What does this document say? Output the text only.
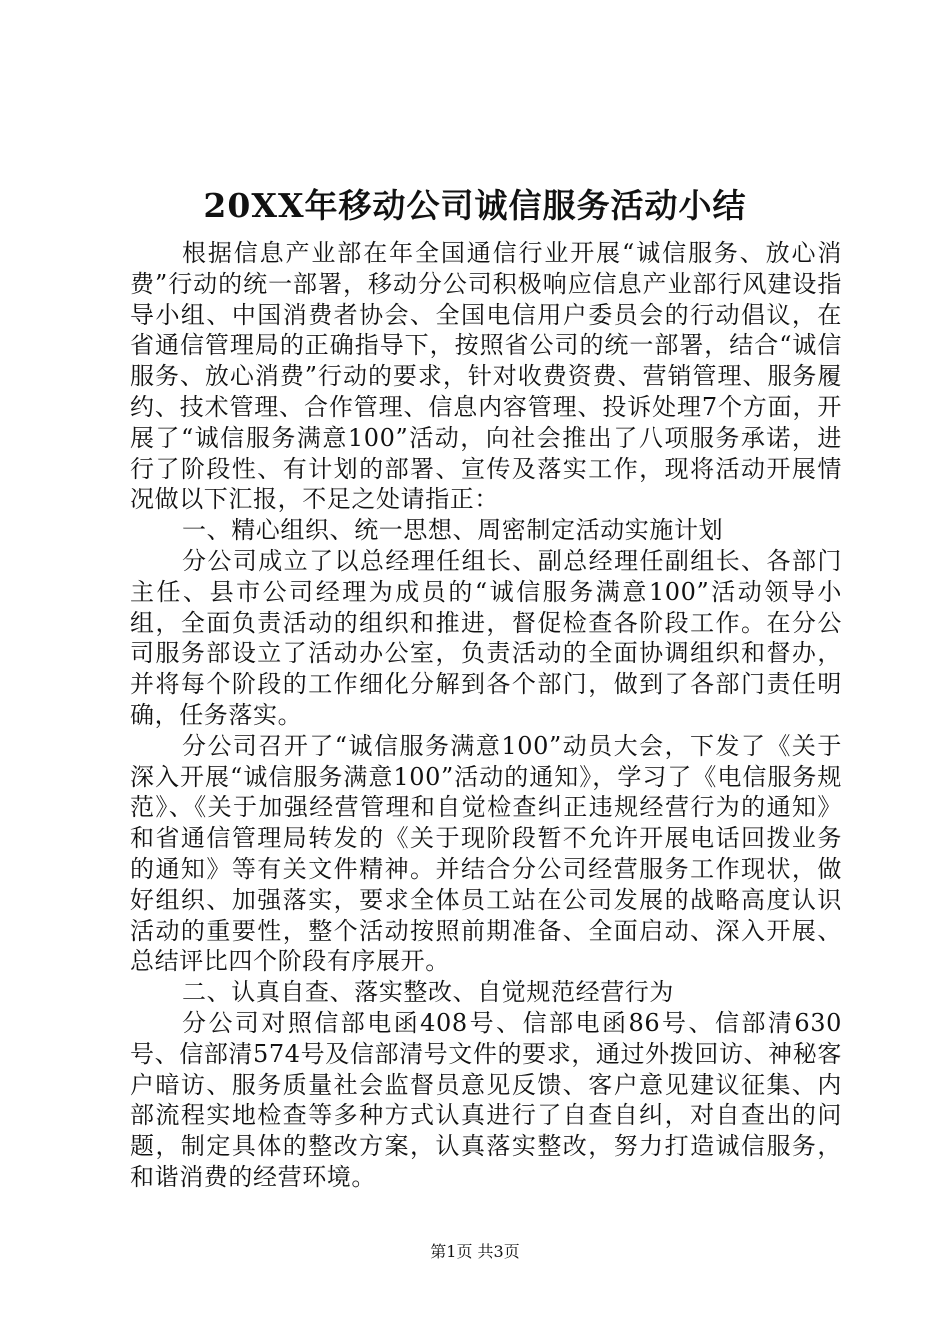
20XX年移动公司诚信服务活动小结

根据信息产业部在年全国通信行业开展“诚信服务、放心消费”行动的统一部署，移动分公司积极响应信息产业部行风建设指导小组、中国消费者协会、全国电信用户委员会的行动倡议，在省通信管理局的正确指导下，按照省公司的统一部署，结合“诚信服务、放心消费”行动的要求，针对收费资费、营销管理、服务履约、技术管理、合作管理、信息内容管理、投诉处理7个方面，开展了“诚信服务满意100”活动，向社会推出了八项服务承诺，进行了阶段性、有计划的部署、宣传及落实工作，现将活动开展情况做以下汇报，不足之处请指正：

一、精心组织、统一思想、周密制定活动实施计划

分公司成立了以总经理任组长、副总经理任副组长、各部门主任、县市公司经理为成员的“诚信服务满意100”活动领导小组，全面负责活动的组织和推进，督促检查各阶段工作。在分公司服务部设立了活动办公室，负责活动的全面协调组织和督办，并将每个阶段的工作细化分解到各个部门，做到了各部门责任明确，任务落实。

分公司召开了“诚信服务满意100”动员大会，下发了《关于深入开展“诚信服务满意100”活动的通知》，学习了《电信服务规范》、《关于加强经营管理和自觉检查纠正违规经营行为的通知》和省通信管理局转发的《关于现阶段暂不允许开展电话回拨业务的通知》等有关文件精神。并结合分公司经营服务工作现状，做好组织、加强落实，要求全体员工站在公司发展的战略高度认识活动的重要性，整个活动按照前期准备、全面启动、深入开展、总结评比四个阶段有序展开。

二、认真自查、落实整改、自觉规范经营行为

分公司对照信部电函408号、信部电函86号、信部清630号、信部清574号及信部清号文件的要求，通过外拨回访、神秘客户暗访、服务质量社会监督员意见反馈、客户意见建议征集、内部流程实地检查等多种方式认真进行了自查自纠，对自查出的问题，制定具体的整改方案，认真落实整改，努力打造诚信服务，和谐消费的经营环境。

第1页 共3页
